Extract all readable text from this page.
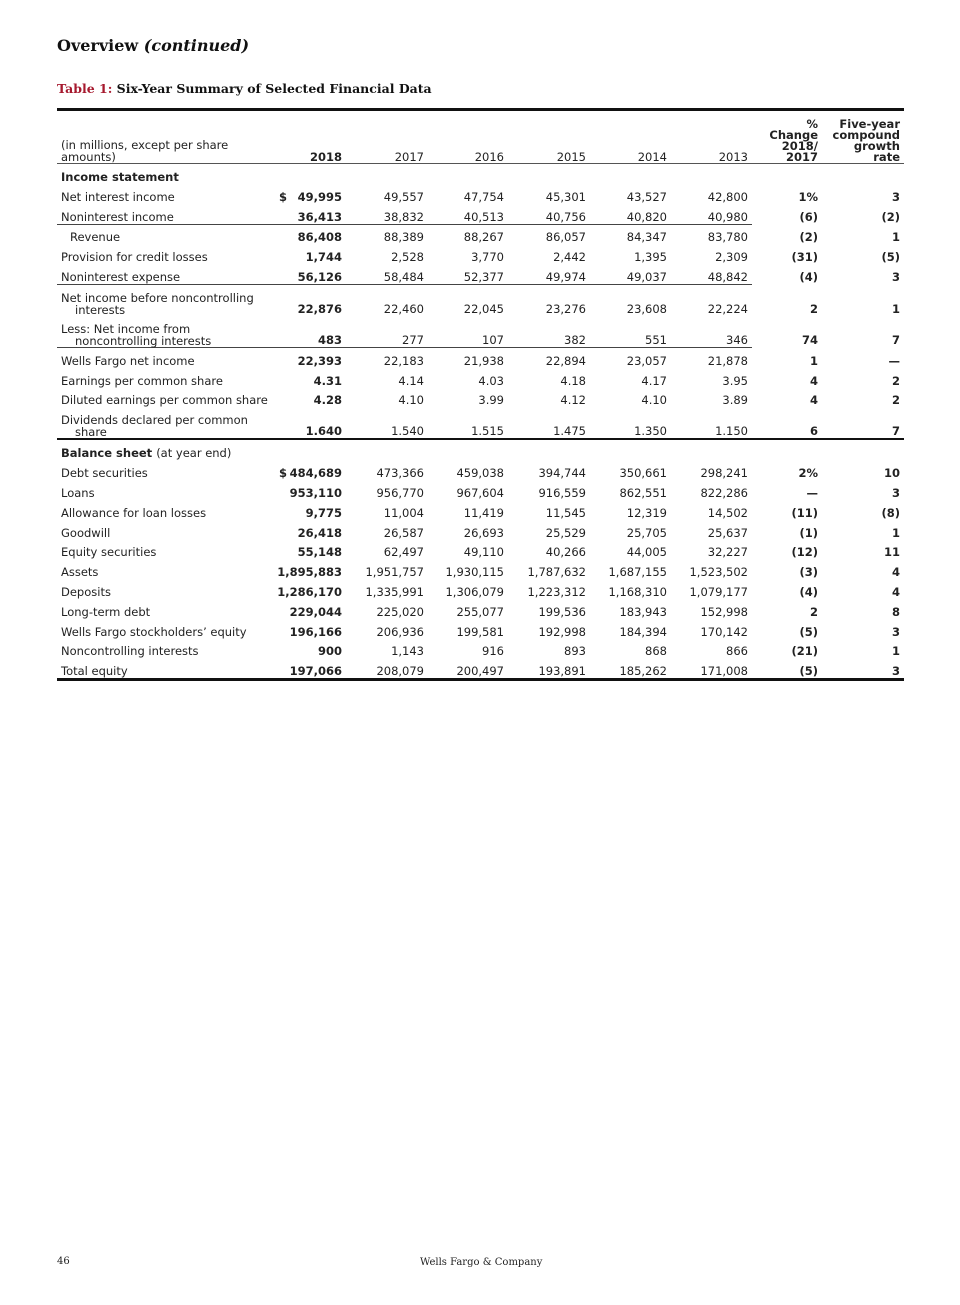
Overview (continued)
Table 1: Six-Year Summary of Selected Financial Data
(in millions, except per share amounts)	2018	2017	2016	2015	2014	2013	% Change 2018/ 2017	Five-year compound growth rate
Income statement								
Net interest income	$ 49,995	49,557	47,754	45,301	43,527	42,800	1%	3
Noninterest income	36,413	38,832	40,513	40,756	40,820	40,980	(6)	(2)
Revenue	86,408	88,389	88,267	86,057	84,347	83,780	(2)	1
Provision for credit losses	1,744	2,528	3,770	2,442	1,395	2,309	(31)	(5)
Noninterest expense	56,126	58,484	52,377	49,974	49,037	48,842	(4)	3
Net income before noncontrolling
interests	22,876	22,460	22,045	23,276	23,608	22,224	2	1
Less: Net income from
noncontrolling interests	483	277	107	382	551	346	74	7
Wells Fargo net income	22,393	22,183	21,938	22,894	23,057	21,878	1	—
Earnings per common share	4.31	4.14	4.03	4.18	4.17	3.95	4	2
Diluted earnings per common share	4.28	4.10	3.99	4.12	4.10	3.89	4	2
Dividends declared per common
share	1.640	1.540	1.515	1.475	1.350	1.150	6	7
Balance sheet (at year end)								
Debt securities	$ 484,689	473,366	459,038	394,744	350,661	298,241	2%	10
Loans	953,110	956,770	967,604	916,559	862,551	822,286	—	3
Allowance for loan losses	9,775	11,004	11,419	11,545	12,319	14,502	(11)	(8)
Goodwill	26,418	26,587	26,693	25,529	25,705	25,637	(1)	1
Equity securities	55,148	62,497	49,110	40,266	44,005	32,227	(12)	11
Assets	1,895,883	1,951,757	1,930,115	1,787,632	1,687,155	1,523,502	(3)	4
Deposits	1,286,170	1,335,991	1,306,079	1,223,312	1,168,310	1,079,177	(4)	4
Long-term debt	229,044	225,020	255,077	199,536	183,943	152,998	2	8
Wells Fargo stockholders’ equity	196,166	206,936	199,581	192,998	184,394	170,142	(5)	3
Noncontrolling interests	900	1,143	916	893	868	866	(21)	1
Total equity	197,066	208,079	200,497	193,891	185,262	171,008	(5)	3
46	Wells Fargo & Company
